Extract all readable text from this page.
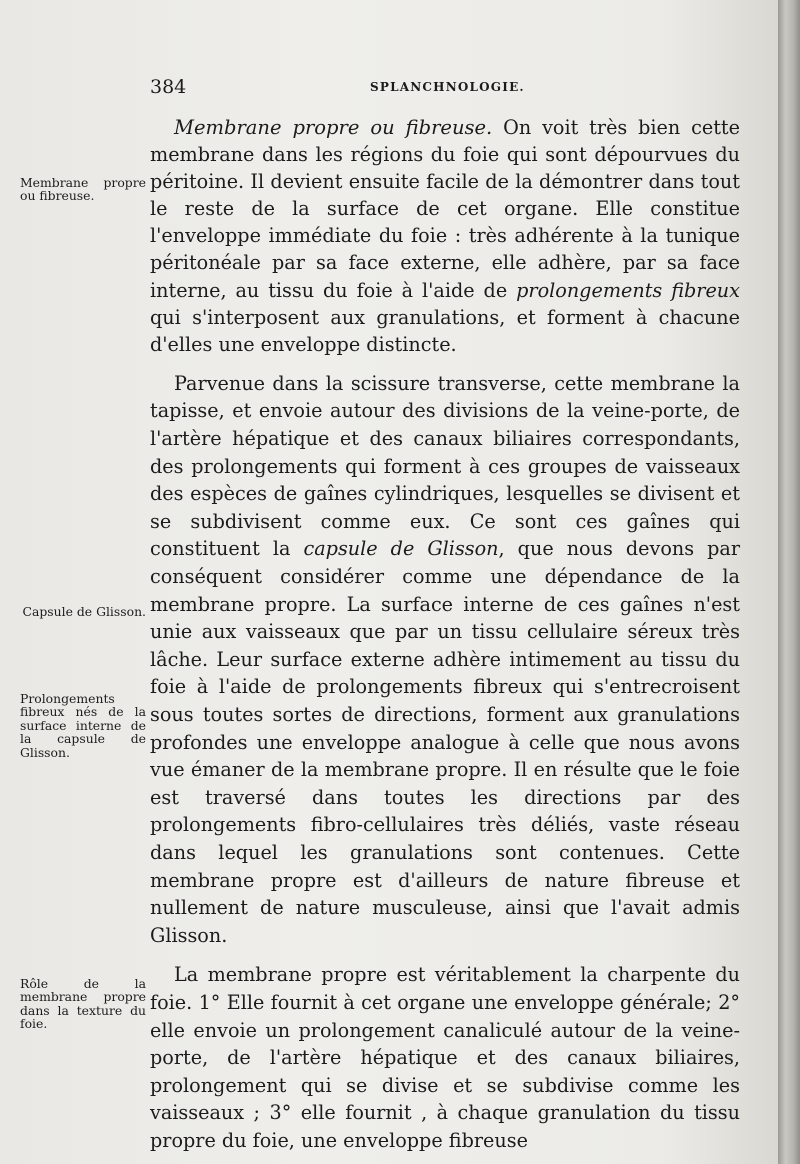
384	SPLANCHNOLOGIE.
Membrane propre ou fibreuse.
Capsule de Glisson.
Prolongements fibreux nés de la surface interne de la capsule de Glisson.
Rôle de la membrane propre dans la texture du foie.

Membrane propre ou fibreuse. On voit très bien cette membrane dans les régions du foie qui sont dépourvues du péritoine. Il devient ensuite facile de la démontrer dans tout le reste de la surface de cet organe. Elle constitue l'enveloppe immédiate du foie : très adhérente à la tunique péritonéale par sa face externe, elle adhère, par sa face interne, au tissu du foie à l'aide de prolongements fibreux qui s'interposent aux granulations, et forment à chacune d'elles une enveloppe distincte.

Parvenue dans la scissure transverse, cette membrane la tapisse, et envoie autour des divisions de la veine-porte, de l'artère hépatique et des canaux biliaires correspondants, des prolongements qui forment à ces groupes de vaisseaux des espèces de gaînes cylindriques, lesquelles se divisent et se subdivisent comme eux. Ce sont ces gaînes qui constituent la capsule de Glisson, que nous devons par conséquent considérer comme une dépendance de la membrane propre. La surface interne de ces gaînes n'est unie aux vaisseaux que par un tissu cellulaire séreux très lâche. Leur surface externe adhère intimement au tissu du foie à l'aide de prolongements fibreux qui s'entrecroisent sous toutes sortes de directions, forment aux granulations profondes une enveloppe analogue à celle que nous avons vue émaner de la membrane propre. Il en résulte que le foie est traversé dans toutes les directions par des prolongements fibro-cellulaires très déliés, vaste réseau dans lequel les granulations sont contenues. Cette membrane propre est d'ailleurs de nature fibreuse et nullement de nature musculeuse, ainsi que l'avait admis Glisson.

La membrane propre est véritablement la charpente du foie. 1° Elle fournit à cet organe une enveloppe générale; 2° elle envoie un prolongement canaliculé autour de la veine-porte, de l'artère hépatique et des canaux biliaires, prolongement qui se divise et se subdivise comme les vaisseaux ; 3° elle fournit , à chaque granulation du tissu propre du foie, une enveloppe fibreuse
